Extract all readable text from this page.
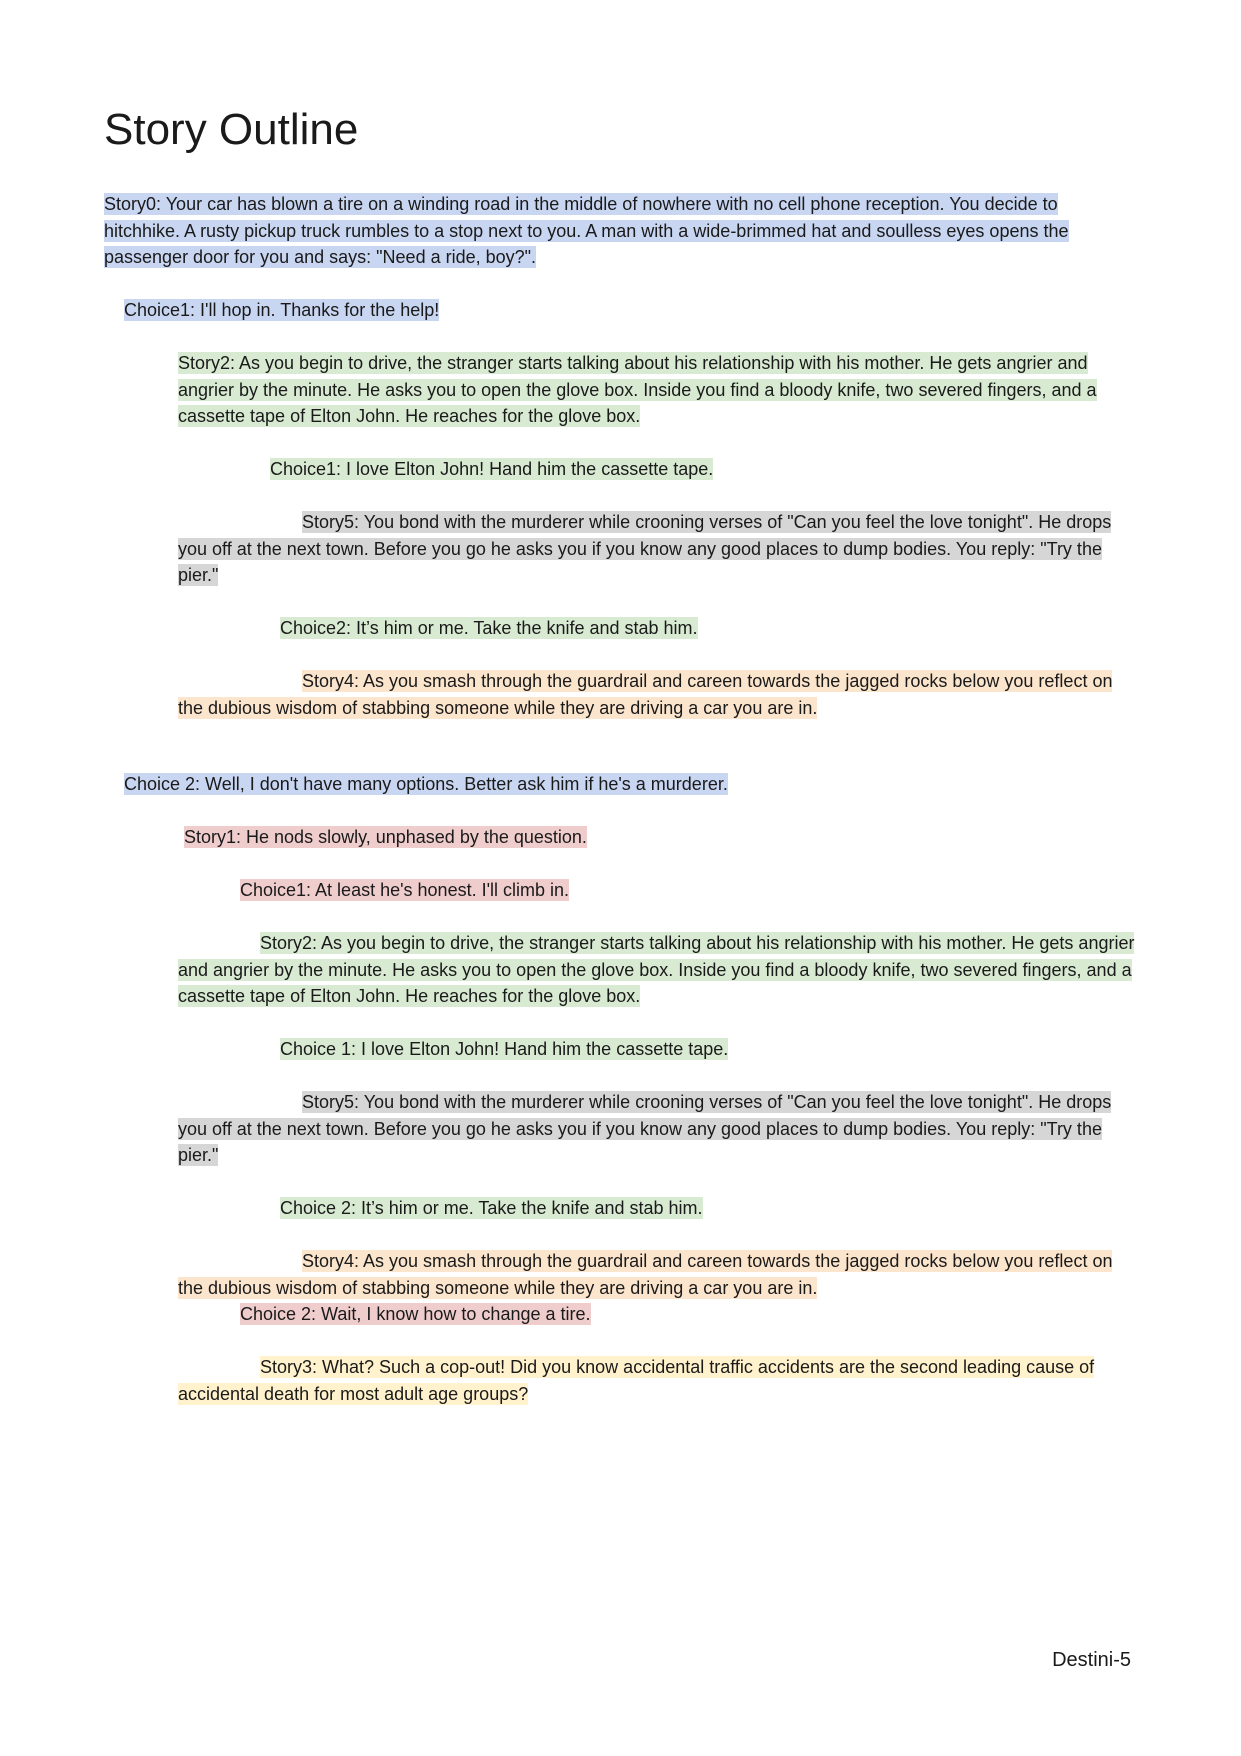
Story Outline

Story0: Your car has blown a tire on a winding road in the middle of nowhere with no cell phone reception. You decide to hitchhike. A rusty pickup truck rumbles to a stop next to you. A man with a wide-brimmed hat and soulless eyes opens the passenger door for you and says: "Need a ride, boy?".

Choice1: I'll hop in. Thanks for the help!

Story2: As you begin to drive, the stranger starts talking about his relationship with his mother. He gets angrier and angrier by the minute. He asks you to open the glove box. Inside you find a bloody knife, two severed fingers, and a cassette tape of Elton John. He reaches for the glove box.

Choice1: I love Elton John! Hand him the cassette tape.

Story5: You bond with the murderer while crooning verses of "Can you feel the love tonight". He drops you off at the next town. Before you go he asks you if you know any good places to dump bodies. You reply: "Try the pier."

Choice2: It’s him or me. Take the knife and stab him.

Story4: As you smash through the guardrail and careen towards the jagged rocks below you reflect on the dubious wisdom of stabbing someone while they are driving a car you are in.

Choice 2: Well, I don't have many options. Better ask him if he's a murderer.

Story1: He nods slowly, unphased by the question.

Choice1: At least he's honest. I'll climb in.

Story2: As you begin to drive, the stranger starts talking about his relationship with his mother. He gets angrier and angrier by the minute. He asks you to open the glove box. Inside you find a bloody knife, two severed fingers, and a cassette tape of Elton John. He reaches for the glove box.

Choice 1: I love Elton John! Hand him the cassette tape.

Story5: You bond with the murderer while crooning verses of "Can you feel the love tonight". He drops you off at the next town. Before you go he asks you if you know any good places to dump bodies. You reply: "Try the pier."

Choice 2: It’s him or me. Take the knife and stab him.

Story4: As you smash through the guardrail and careen towards the jagged rocks below you reflect on the dubious wisdom of stabbing someone while they are driving a car you are in.

Choice 2: Wait, I know how to change a tire.

Story3: What? Such a cop-out! Did you know accidental traffic accidents are the second leading cause of accidental death for most adult age groups?

Destini-5
